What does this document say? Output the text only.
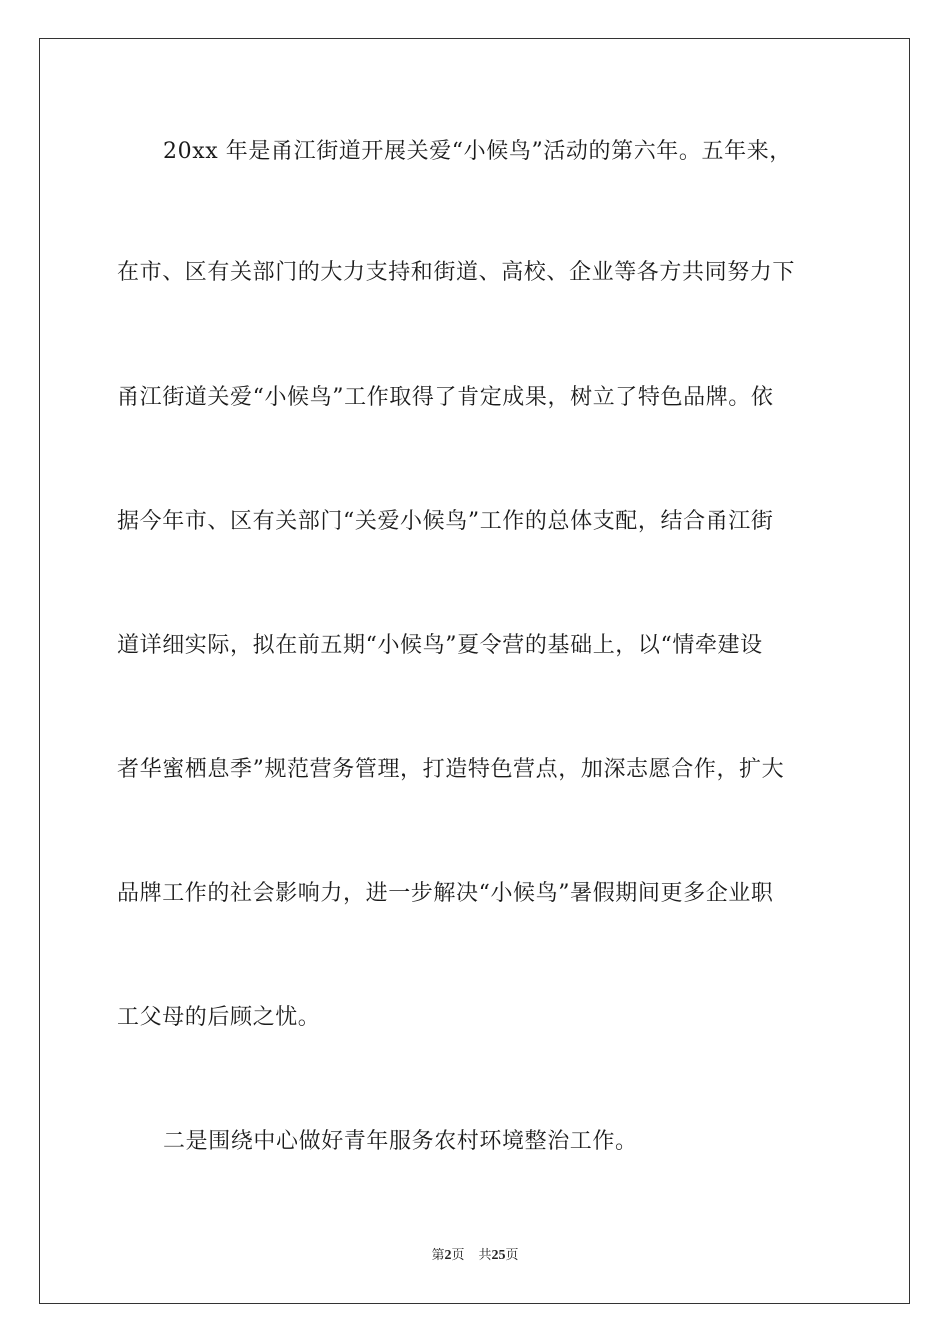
20xx 年是甬江街道开展关爱“小候鸟”活动的第六年。五年来，
在市、区有关部门的大力支持和街道、高校、企业等各方共同努力下
甬江街道关爱“小候鸟”工作取得了肯定成果，树立了特色品牌。依
据今年市、区有关部门“关爱小候鸟”工作的总体支配，结合甬江街
道详细实际，拟在前五期“小候鸟”夏令营的基础上，以“情牵建设
者华蜜栖息季”规范营务管理，打造特色营点，加深志愿合作，扩大
品牌工作的社会影响力，进一步解决“小候鸟”暑假期间更多企业职
工父母的后顾之忧。
二是围绕中心做好青年服务农村环境整治工作。
第2页 共25页
